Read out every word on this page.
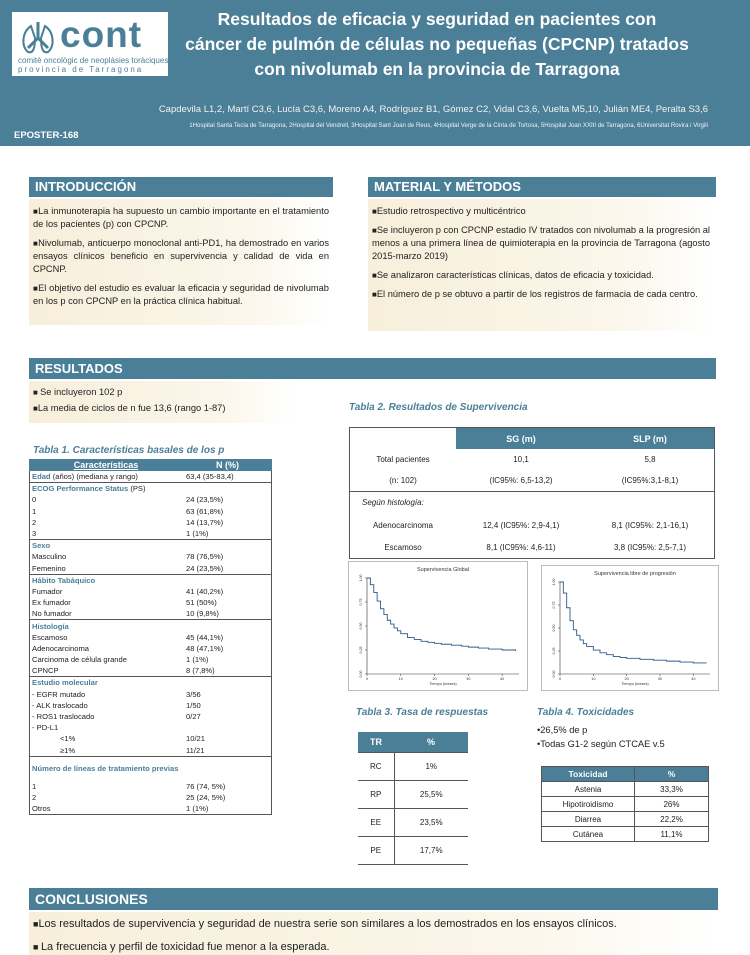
cont
comitè oncològic de neoplàsies toràciques
provincia de Tarragona
Resultados de eficacia y seguridad en pacientes con
cáncer de pulmón de células no pequeñas (CPCNP) tratados
con nivolumab en la provincia de Tarragona
Capdevila L1,2, Martí C3,6, Lucía C3,6, Moreno A4, Rodríguez B1, Gómez C2, Vidal C3,6, Vuelta M5,10, Julián ME4, Peralta S3,6
1Hospital Santa Tecla de Tarragona, 2Hospital del Vendrell, 3Hospital Sant Joan de Reus, 4Hospital Verge de la Cinta de Tortosa, 5Hospital Joan XXIII de Tarragona, 6Universitat Rovira i Virgili
EPOSTER-168
INTRODUCCIÓN

■La inmunoterapia ha supuesto un cambio importante en el tratamiento de los pacientes (p) con CPCNP.

■Nivolumab, anticuerpo monoclonal anti-PD1, ha demostrado en varios ensayos clínicos beneficio en supervivencia y calidad de vida en CPCNP.

■El objetivo del estudio es evaluar la eficacia y seguridad de nivolumab en los p con CPCNP en la práctica clínica habitual.

MATERIAL Y MÉTODOS

■Estudio retrospectivo y multicéntrico

■Se incluyeron p con CPCNP estadio IV tratados con nivolumab a la progresión al menos a una primera línea de quimioterapia en la provincia de Tarragona (agosto 2015-marzo 2019)

■Se analizaron características clínicas, datos de eficacia y toxicidad.

■El número de p se obtuvo a partir de los registros de farmacia de cada centro.

RESULTADOS

■ Se incluyeron 102 p

■La media de ciclos de n fue 13,6 (rango 1-87)

Tabla 1. Características basales de los p
Características	N (%)
Edad (años) (mediana y rango)	63,4 (35-83,4)
ECOG Performance Status (PS)	
0	24 (23,5%)
1	63 (61,8%)
2	14 (13,7%)
3	1 (1%)
Sexo	
Masculino	78 (76,5%)
Femenino	24 (23,5%)
Hábito Tabáquico	
Fumador	41 (40,2%)
Ex fumador	51 (50%)
No fumador	10 (9,8%)
Histología	
Escamoso	45 (44,1%)
Adenocarcinoma	48 (47,1%)
Carcinoma de célula grande	1 (1%)
CPNCP	8 (7,8%)
Estudio molecular	
- EGFR mutado	3/56
- ALK traslocado	1/50
- ROS1 traslocado	0/27
- PD-L1	
<1%	10/21
≥1%	11/21
Número de líneas de tratamiento previas	
1	76 (74, 5%)
2	25 (24, 5%)
Otros	1 (1%)
Tabla 2. Resultados de Supervivencia
	SG (m)	SLP (m)
Total pacientes	10,1	5,8
(n: 102)	(IC95%: 6,5-13,2)	(IC95%:3,1-8,1)
Según histología:		
Adenocarcinoma	12,4 (IC95%: 2,9-4,1)	8,1 (IC95%: 2,1-16,1)
Escamoso	8,1 (IC95%: 4,6-11)	3,8 (IC95%: 2,5-7,1)
Supervivencia Global
0.00
0.25
0.50
0.75
1.00
0	10	20	30	40
Tiempo (meses)
Supervivencia libre de progresión
0.00
0.25
0.50
0.75
1.00
0	10	20	30	40
Tiempo (meses)
Tabla 3. Tasa de respuestas
TR	%
RC	1%
RP	25,5%
EE	23,5%
PE	17,7%
Tabla 4. Toxicidades
•26,5% de p
•Todas G1-2 según CTCAE v.5
Toxicidad	%
Astenia	33,3%
Hipotiroidismo	26%
Diarrea	22,2%
Cutánea	11,1%
CONCLUSIONES
■Los resultados de supervivencia y seguridad de nuestra serie son similares a los demostrados en los ensayos clínicos.
■ La frecuencia y perfil de toxicidad fue menor a la esperada.
